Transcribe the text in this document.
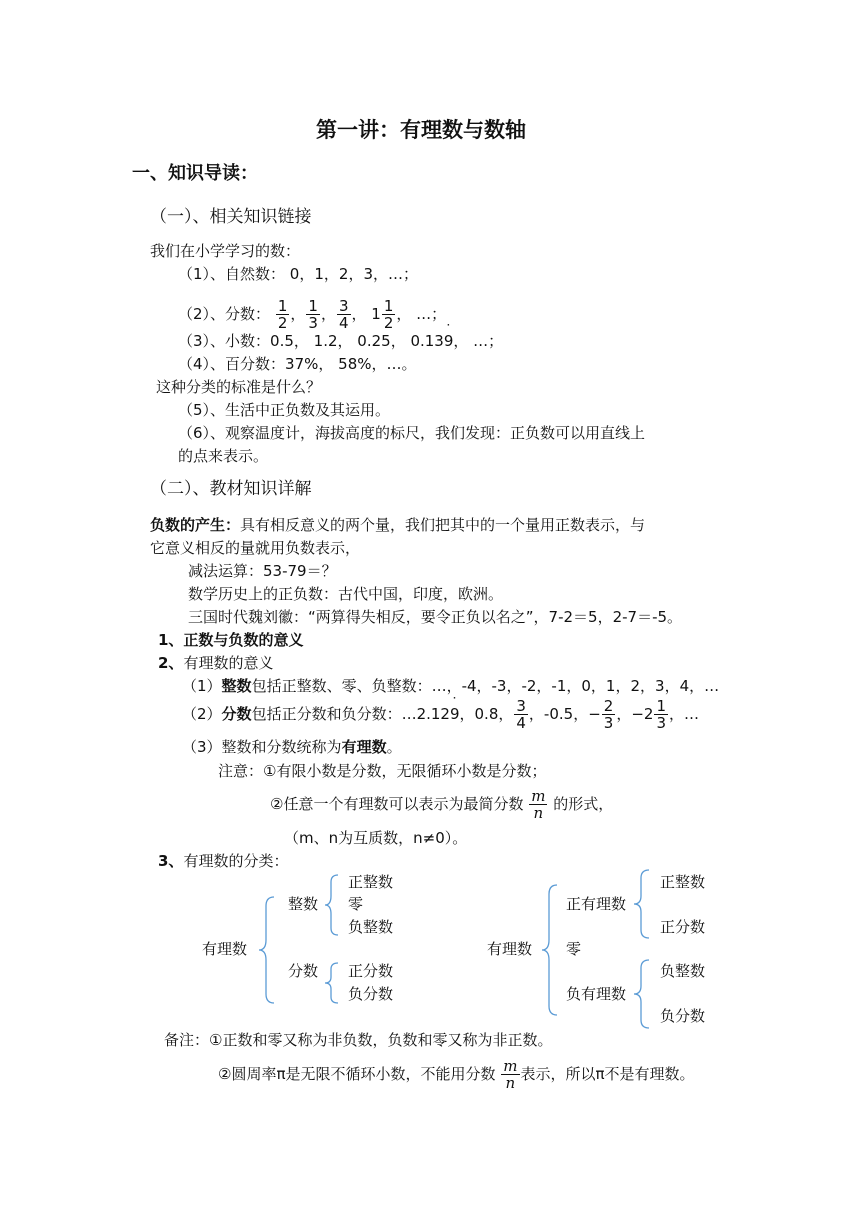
第一讲：有理数与数轴
一、知识导读：
（一）、相关知识链接
我们在小学学习的数：
（1）、自然数： 0，1，2，3，…；
（2）、分数： $\frac{1}{2}$ ， $\frac{1}{3}$ ， $\frac{3}{4}$ ， $1 \frac{1}{2}$ ， …；
（3）、小数：0.5， 1.2， 0.25， 0.139 ˙， …；
（4）、百分数：37%， 58%，…。
这种分类的标准是什么？
（5）、生活中正负数及其运用。
（6）、观察温度计，海拔高度的标尺，我们发现：正负数可以用直线上
的点来表示。
（二）、教材知识详解
负数的产生：具有相反意义的两个量，我们把其中的一个量用正数表示，与
它意义相反的量就用负数表示，
减法运算：53-79＝？
数学历史上的正负数：古代中国，印度，欧洲。
三国时代魏刘徽：“两算得失相反，要令正负以名之”，7-2＝5，2-7＝-5。
1、正数与负数的意义
2、有理数的意义
（1）整数包括正整数、零、负整数：…，-4，-3，-2，-1，0，1，2，3，4，…
（2）分数包括正分数和负分数：…2.129 ˙，0.8， $\frac{3}{4}$ ，-0.5，− $\frac{2}{3}$ ，$-2 \frac{1}{3}$ ，…
（3）整数和分数统称为有理数。
注意：①有限小数是分数，无限循环小数是分数；
②任意一个有理数可以表示为最简分数 $\frac{m}{n}$ 的形式，
（m、n为互质数，n≠0）。
3、有理数的分类：
有理数
整数
分数
正整数
零
负整数
正分数
负分数
有理数
正有理数
零
负有理数
正整数
正分数
负整数
负分数
备注：①正数和零又称为非负数，负数和零又称为非正数。
②圆周率π是无限不循环小数，不能用分数 $\frac{m}{n}$ 表示，所以π不是有理数。
